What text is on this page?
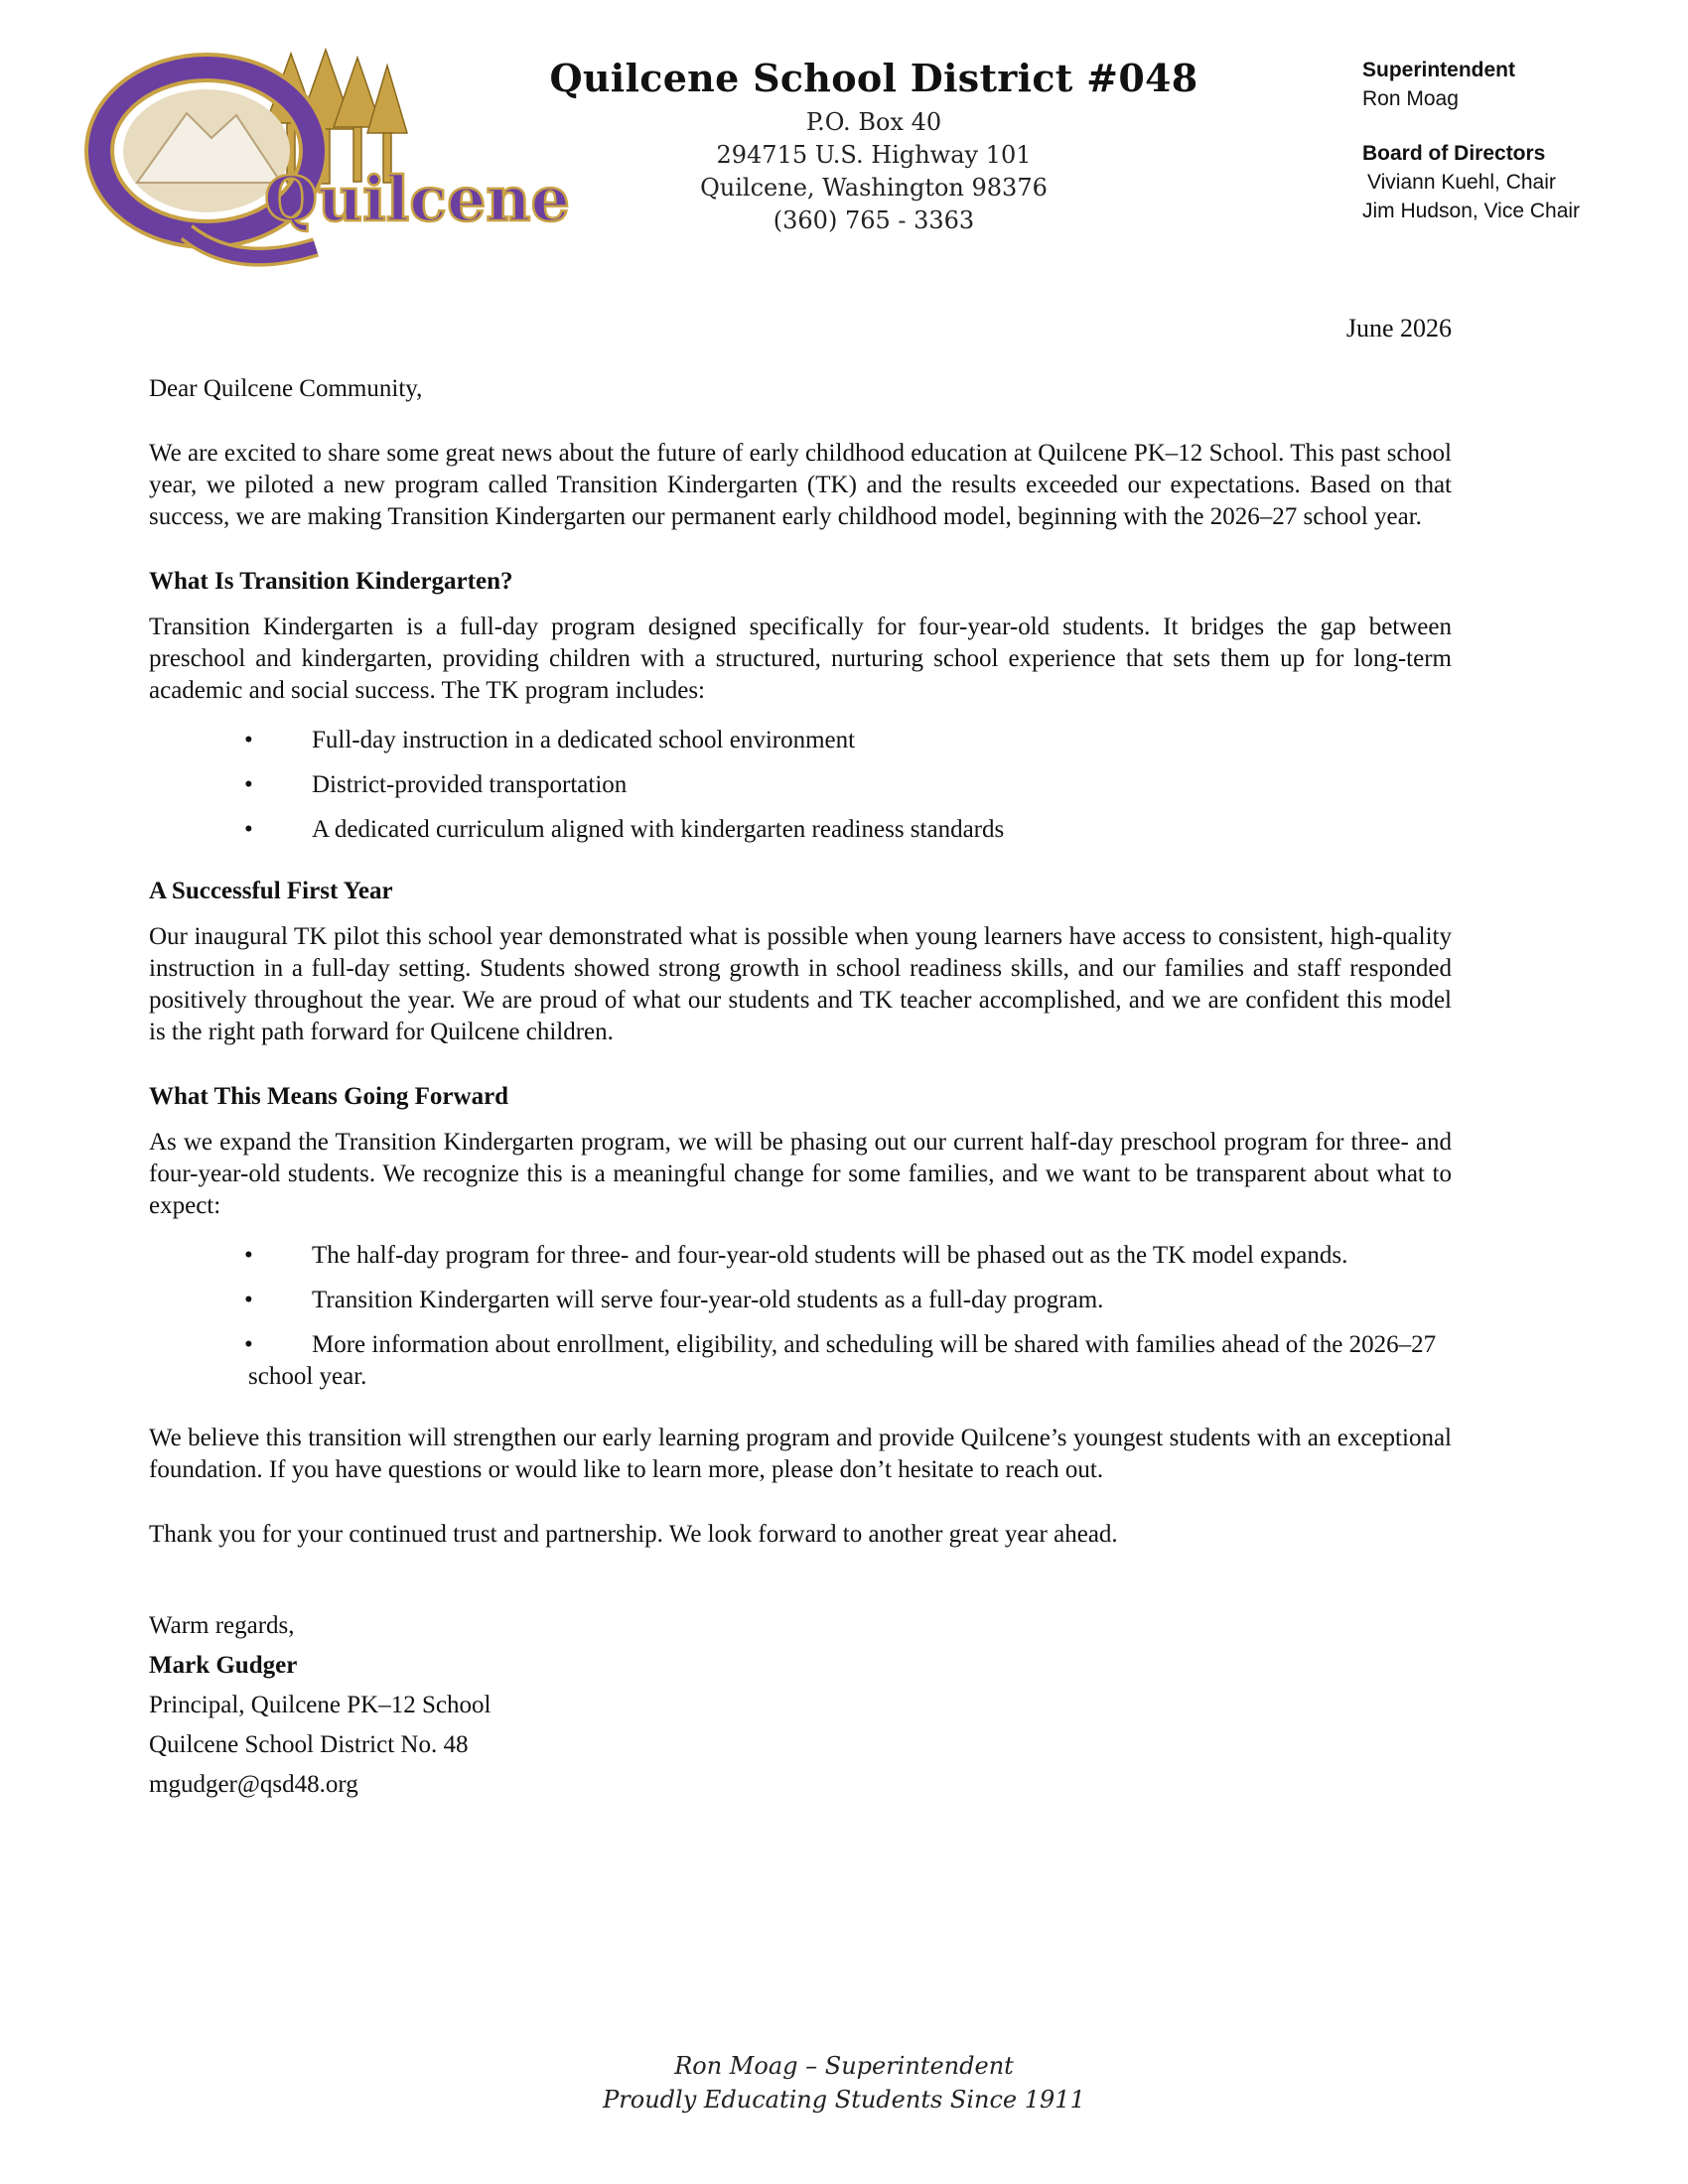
Quilcene
Quilcene School District #048
P.O. Box 40
294715 U.S. Highway 101
Quilcene, Washington 98376
(360) 765 - 3363
Superintendent
Ron Moag
Board of Directors
Viviann Kuehl, Chair
Jim Hudson, Vice Chair
June 2026

Dear Quilcene Community,

We are excited to share some great news about the future of early childhood education at Quilcene PK–12 School. This past school year, we piloted a new program called Transition Kindergarten (TK) and the results exceeded our expectations. Based on that success, we are making Transition Kindergarten our permanent early childhood model, beginning with the 2026–27 school year.

What Is Transition Kindergarten?

Transition Kindergarten is a full-day program designed specifically for four-year-old students. It bridges the gap between preschool and kindergarten, providing children with a structured, nurturing school experience that sets them up for long-term academic and social success. The TK program includes:

•	Full-day instruction in a dedicated school environment
•	District-provided transportation
•	A dedicated curriculum aligned with kindergarten readiness standards
A Successful First Year

Our inaugural TK pilot this school year demonstrated what is possible when young learners have access to consistent, high-quality instruction in a full-day setting. Students showed strong growth in school readiness skills, and our families and staff responded positively throughout the year. We are proud of what our students and TK teacher accomplished, and we are confident this model is the right path forward for Quilcene children.

What This Means Going Forward

As we expand the Transition Kindergarten program, we will be phasing out our current half-day preschool program for three- and four-year-old students. We recognize this is a meaningful change for some families, and we want to be transparent about what to expect:

•	The half-day program for three- and four-year-old students will be phased out as the TK model expands.
•	Transition Kindergarten will serve four-year-old students as a full-day program.
•	More information about enrollment, eligibility, and scheduling will be shared with families ahead of the 2026–27 school year.

We believe this transition will strengthen our early learning program and provide Quilcene’s youngest students with an exceptional foundation. If you have questions or would like to learn more, please don’t hesitate to reach out.

Thank you for your continued trust and partnership. We look forward to another great year ahead.

Warm regards,
Mark Gudger
Principal, Quilcene PK–12 School
Quilcene School District No. 48
mgudger@qsd48.org
Ron Moag – Superintendent
Proudly Educating Students Since 1911
